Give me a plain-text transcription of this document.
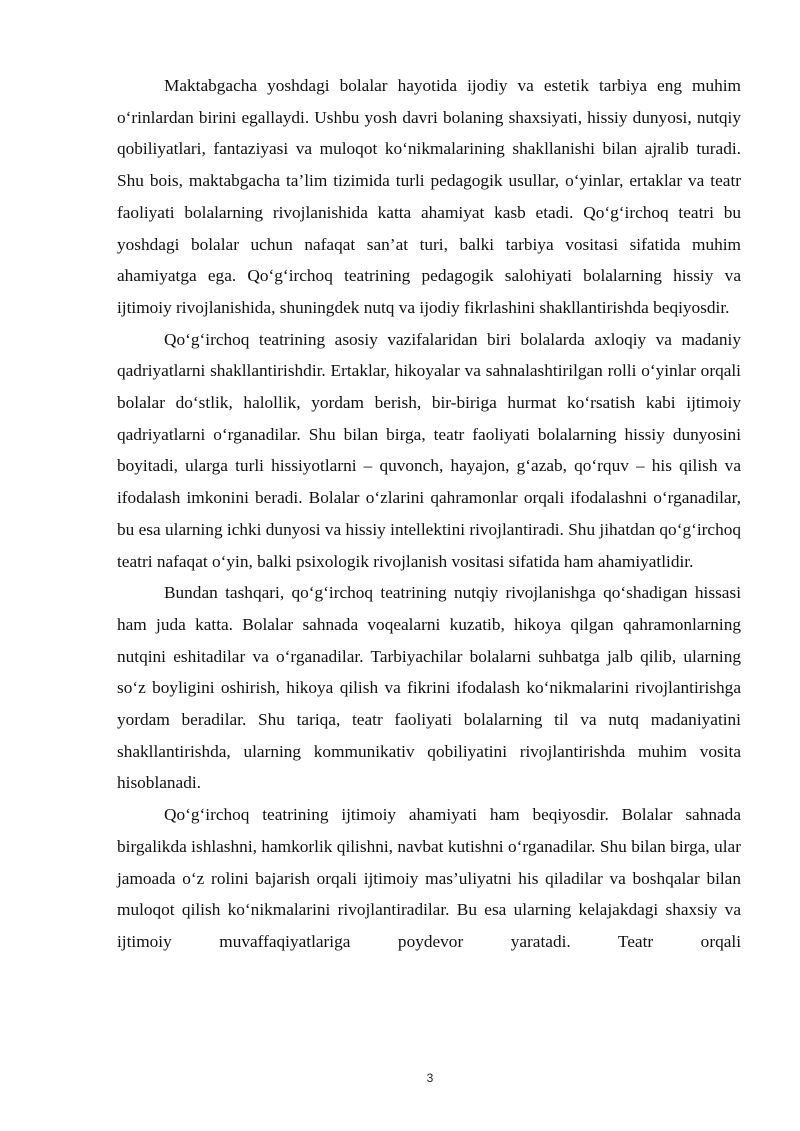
Maktabgacha yoshdagi bolalar hayotida ijodiy va estetik tarbiya eng muhim o‘rinlardan birini egallaydi. Ushbu yosh davri bolaning shaxsiyati, hissiy dunyosi, nutqiy qobiliyatlari, fantaziyasi va muloqot ko‘nikmalarining shakllanishi bilan ajralib turadi. Shu bois, maktabgacha ta’lim tizimida turli pedagogik usullar, o‘yinlar, ertaklar va teatr faoliyati bolalarning rivojlanishida katta ahamiyat kasb etadi. Qo‘g‘irchoq teatri bu yoshdagi bolalar uchun nafaqat san’at turi, balki tarbiya vositasi sifatida muhim ahamiyatga ega. Qo‘g‘irchoq teatrining pedagogik salohiyati bolalarning hissiy va ijtimoiy rivojlanishida, shuningdek nutq va ijodiy fikrlashini shakllantirishda beqiyosdir.

Qo‘g‘irchoq teatrining asosiy vazifalaridan biri bolalarda axloqiy va madaniy qadriyatlarni shakllantirishdir. Ertaklar, hikoyalar va sahnalashtirilgan rolli o‘yinlar orqali bolalar do‘stlik, halollik, yordam berish, bir-biriga hurmat ko‘rsatish kabi ijtimoiy qadriyatlarni o‘rganadilar. Shu bilan birga, teatr faoliyati bolalarning hissiy dunyosini boyitadi, ularga turli hissiyotlarni – quvonch, hayajon, g‘azab, qo‘rquv – his qilish va ifodalash imkonini beradi. Bolalar o‘zlarini qahramonlar orqali ifodalashni o‘rganadilar, bu esa ularning ichki dunyosi va hissiy intellektini rivojlantiradi. Shu jihatdan qo‘g‘irchoq teatri nafaqat o‘yin, balki psixologik rivojlanish vositasi sifatida ham ahamiyatlidir.

Bundan tashqari, qo‘g‘irchoq teatrining nutqiy rivojlanishga qo‘shadigan hissasi ham juda katta. Bolalar sahnada voqealarni kuzatib, hikoya qilgan qahramonlarning nutqini eshitadilar va o‘rganadilar. Tarbiyachilar bolalarni suhbatga jalb qilib, ularning so‘z boyligini oshirish, hikoya qilish va fikrini ifodalash ko‘nikmalarini rivojlantirishga yordam beradilar. Shu tariqa, teatr faoliyati bolalarning til va nutq madaniyatini shakllantirishda, ularning kommunikativ qobiliyatini rivojlantirishda muhim vosita hisoblanadi.

Qo‘g‘irchoq teatrining ijtimoiy ahamiyati ham beqiyosdir. Bolalar sahnada birgalikda ishlashni, hamkorlik qilishni, navbat kutishni o‘rganadilar. Shu bilan birga, ular jamoada o‘z rolini bajarish orqali ijtimoiy mas’uliyatni his qiladilar va boshqalar bilan muloqot qilish ko‘nikmalarini rivojlantiradilar. Bu esa ularning kelajakdagi shaxsiy va ijtimoiy muvaffaqiyatlariga poydevor yaratadi. Teatr orqali

3
